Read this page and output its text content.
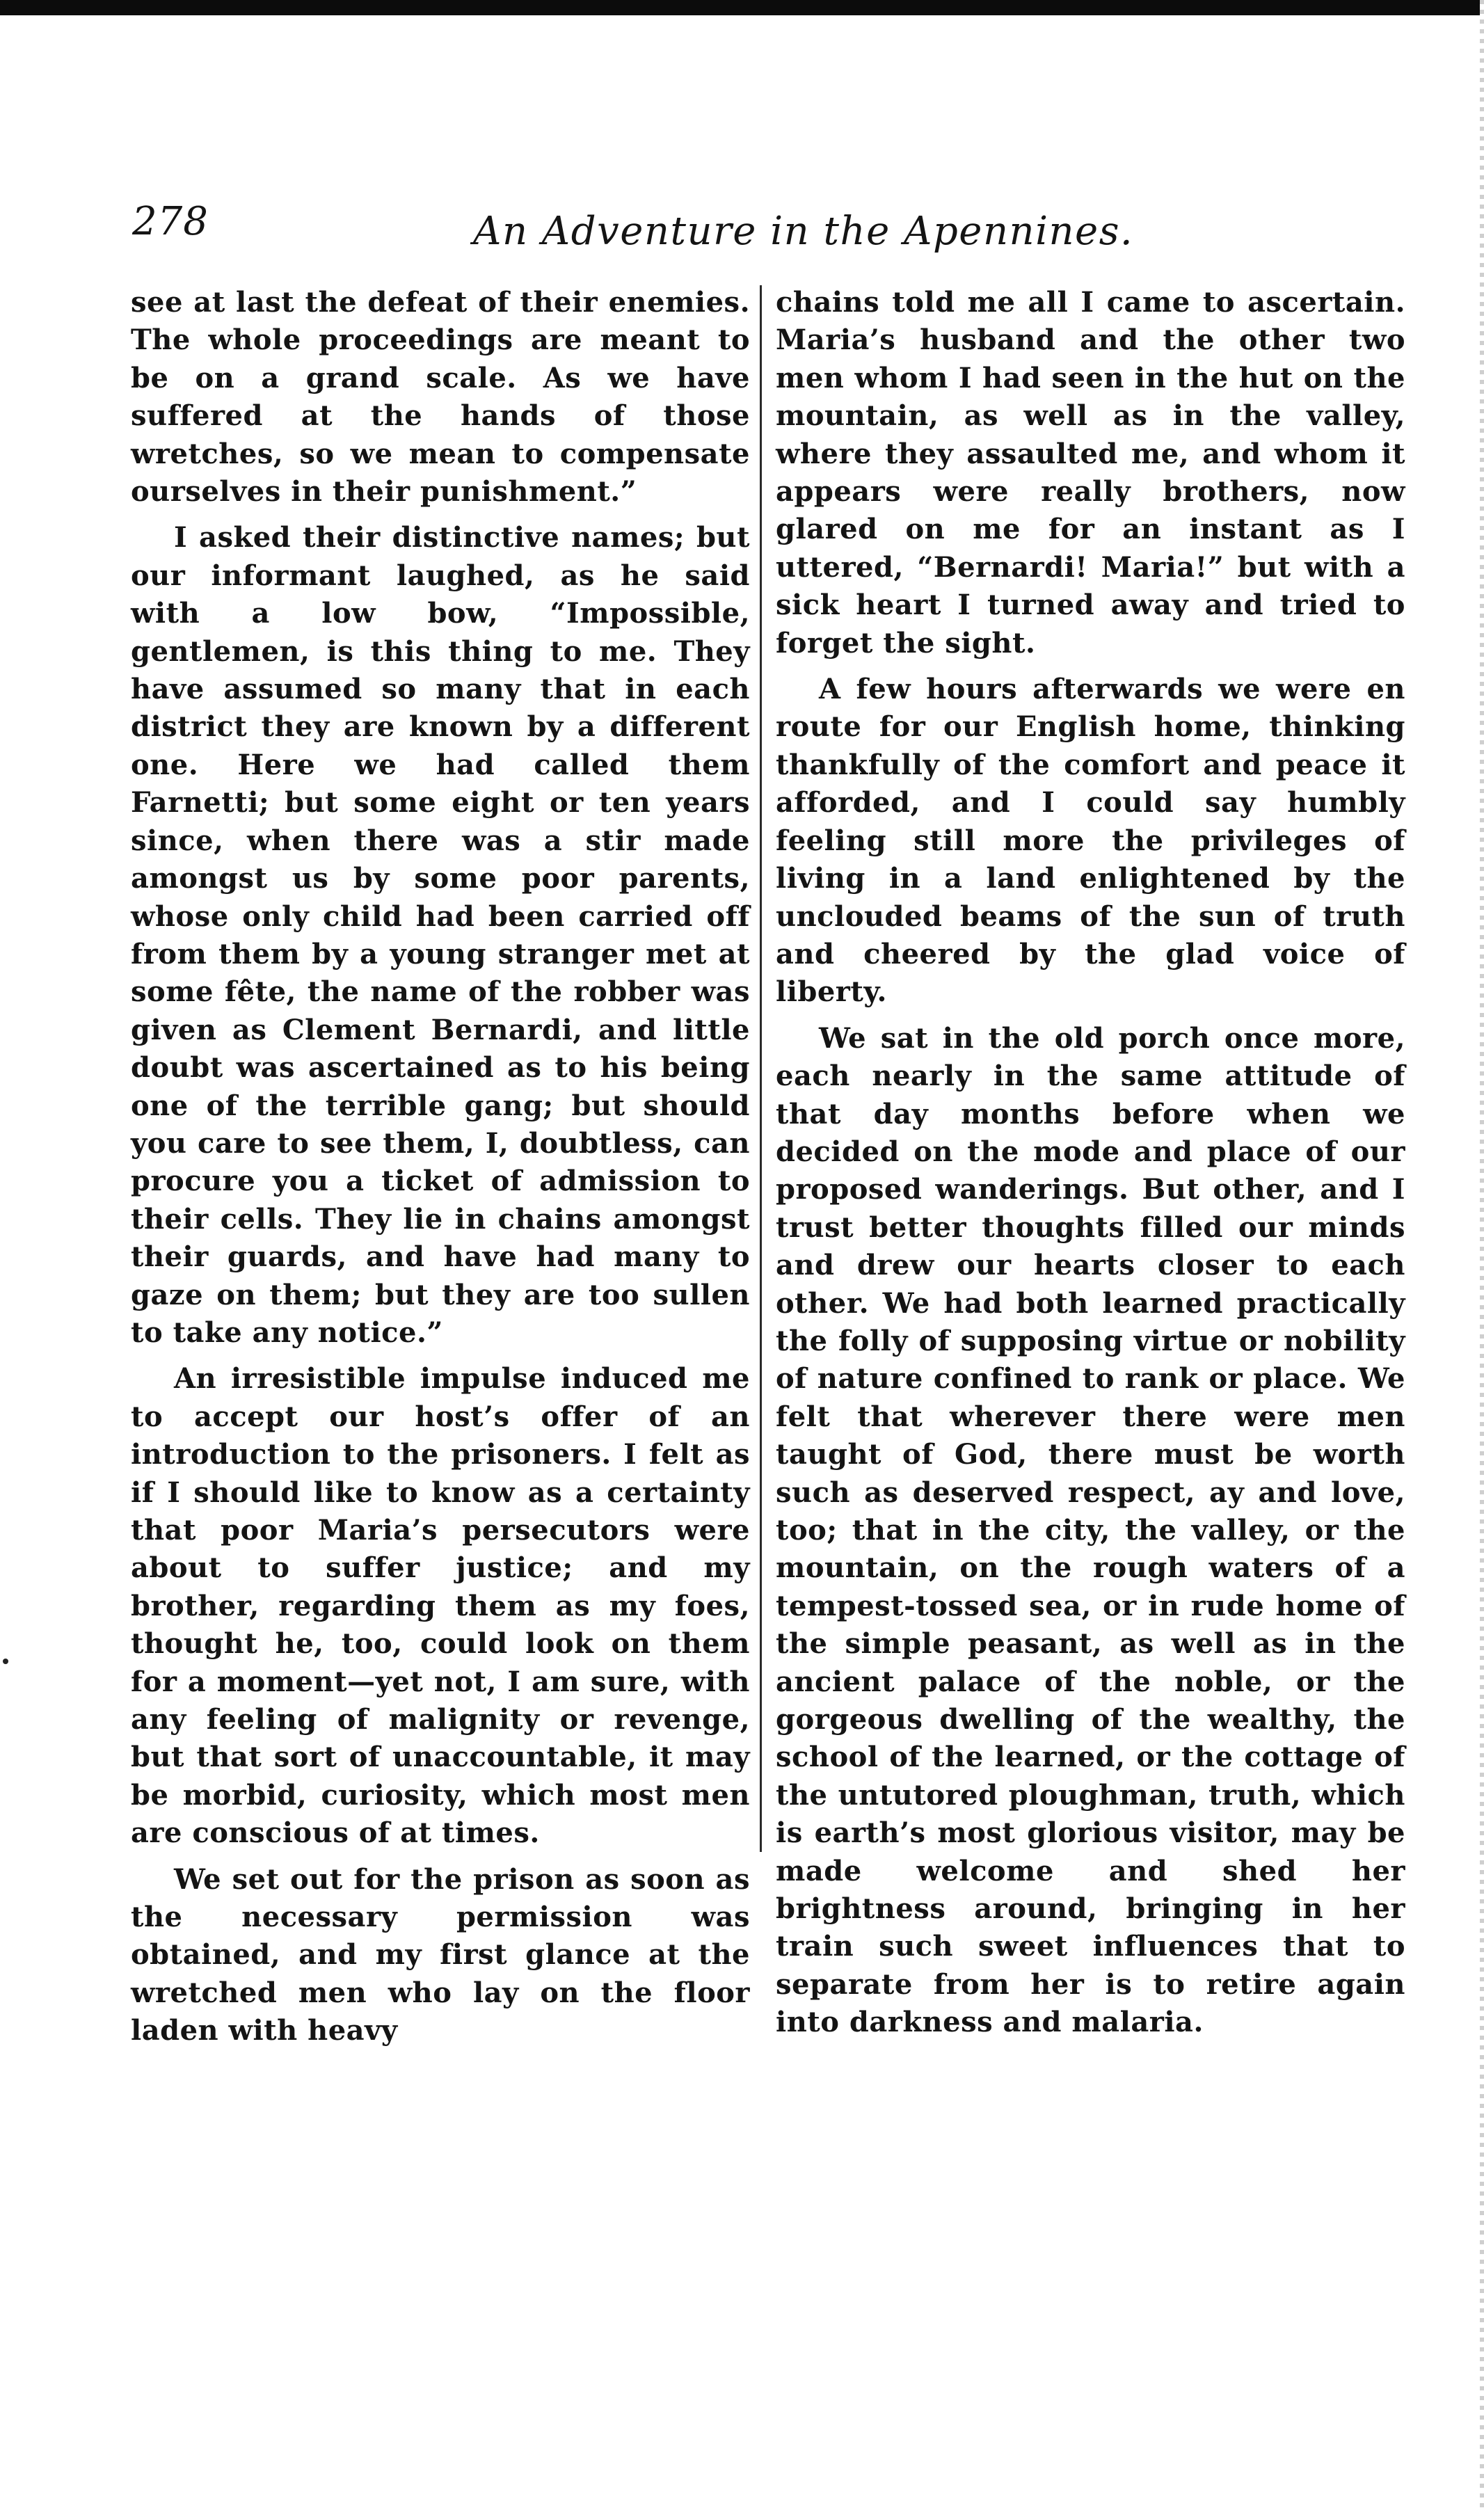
278	An Adventure in the Apennines.

see at last the defeat of their enemies. The whole proceedings are meant to be on a grand scale. As we have suffered at the hands of those wretches, so we mean to compensate ourselves in their punishment.”

I asked their distinctive names; but our informant laughed, as he said with a low bow, “Impossible, gentlemen, is this thing to me. They have assumed so many that in each district they are known by a different one. Here we had called them Farnetti; but some eight or ten years since, when there was a stir made amongst us by some poor parents, whose only child had been carried off from them by a young stranger met at some fête, the name of the robber was given as Clement Bernardi, and little doubt was ascertained as to his being one of the terrible gang; but should you care to see them, I, doubtless, can procure you a ticket of admission to their cells. They lie in chains amongst their guards, and have had many to gaze on them; but they are too sullen to take any notice.”

An irresistible impulse induced me to accept our host’s offer of an introduction to the prisoners. I felt as if I should like to know as a certainty that poor Maria’s persecutors were about to suffer justice; and my brother, regarding them as my foes, thought he, too, could look on them for a moment—yet not, I am sure, with any feeling of malignity or revenge, but that sort of unaccountable, it may be morbid, curiosity, which most men are conscious of at times.

We set out for the prison as soon as the necessary permission was obtained, and my first glance at the wretched men who lay on the floor laden with heavy

chains told me all I came to ascertain. Maria’s husband and the other two men whom I had seen in the hut on the mountain, as well as in the valley, where they assaulted me, and whom it appears were really brothers, now glared on me for an instant as I uttered, “Bernardi! Maria!” but with a sick heart I turned away and tried to forget the sight.

A few hours afterwards we were en route for our English home, thinking thankfully of the comfort and peace it afforded, and I could say humbly feeling still more the privileges of living in a land enlightened by the unclouded beams of the sun of truth and cheered by the glad voice of liberty.

We sat in the old porch once more, each nearly in the same attitude of that day months before when we decided on the mode and place of our proposed wanderings. But other, and I trust better thoughts filled our minds and drew our hearts closer to each other. We had both learned practically the folly of supposing virtue or nobility of nature confined to rank or place. We felt that wherever there were men taught of God, there must be worth such as deserved respect, ay and love, too; that in the city, the valley, or the mountain, on the rough waters of a tempest-tossed sea, or in rude home of the simple peasant, as well as in the ancient palace of the noble, or the gorgeous dwelling of the wealthy, the school of the learned, or the cottage of the untutored ploughman, truth, which is earth’s most glorious visitor, may be made welcome and shed her brightness around, bringing in her train such sweet influences that to separate from her is to retire again into darkness and malaria.
